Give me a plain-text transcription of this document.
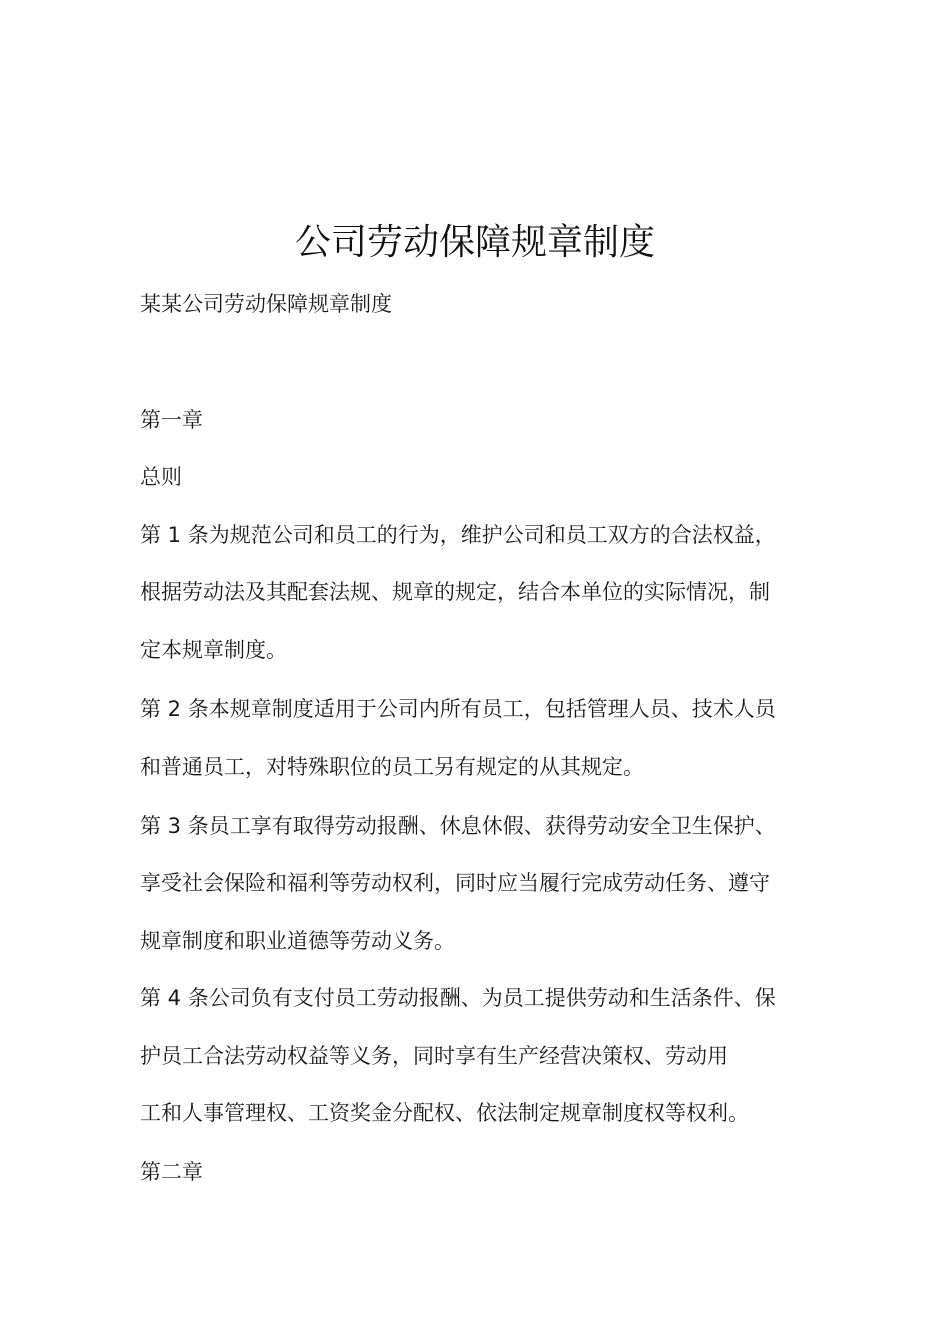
公司劳动保障规章制度

某某公司劳动保障规章制度

第一章

总则

第 1 条为规范公司和员工的行为，维护公司和员工双方的合法权益，

根据劳动法及其配套法规、规章的规定，结合本单位的实际情况，制

定本规章制度。

第 2 条本规章制度适用于公司内所有员工，包括管理人员、技术人员

和普通员工，对特殊职位的员工另有规定的从其规定。

第 3 条员工享有取得劳动报酬、休息休假、获得劳动安全卫生保护、

享受社会保险和福利等劳动权利，同时应当履行完成劳动任务、遵守

规章制度和职业道德等劳动义务。

第 4 条公司负有支付员工劳动报酬、为员工提供劳动和生活条件、保

护员工合法劳动权益等义务，同时享有生产经营决策权、劳动用

工和人事管理权、工资奖金分配权、依法制定规章制度权等权利。

第二章
